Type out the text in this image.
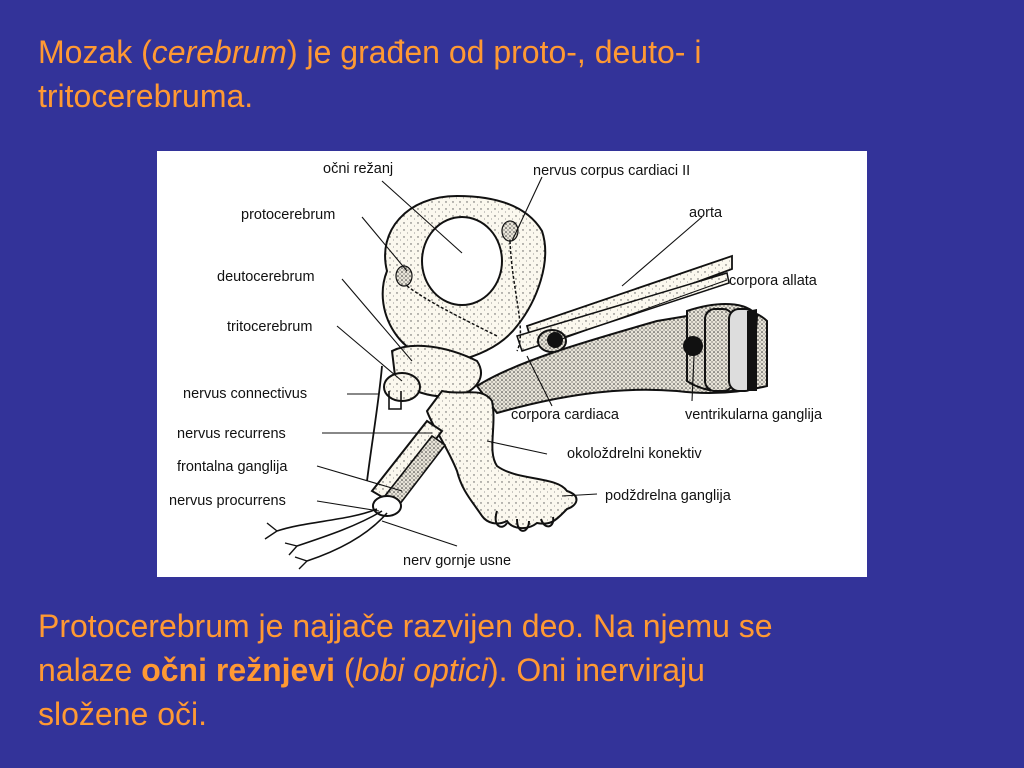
Mozak (cerebrum) je građen od proto-, deuto- i
tritocerebruma.
očni režanj	nervus corpus cardiaci II
protocerebrum	aorta
deutocerebrum	corpora allata
tritocerebrum
nervus connectivus
corpora cardiaca	ventrikularna ganglija
nervus recurrens
okoloždrelni konektiv
frontalna ganglija
podždrelna ganglija
nervus procurrens
nerv gornje usne
Protocerebrum je najjače razvijen deo. Na njemu se
nalaze očni režnjevi (lobi optici). Oni inerviraju
složene oči.
